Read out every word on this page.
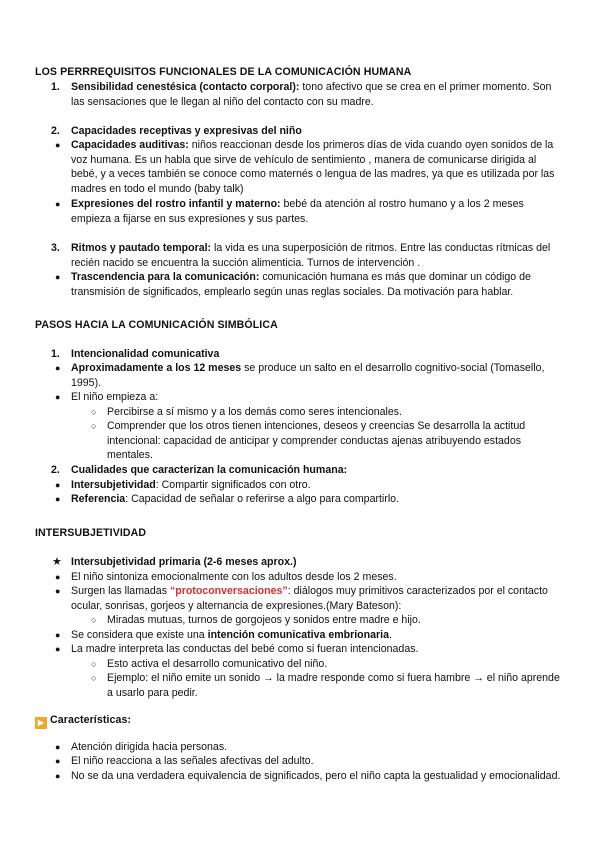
LOS PERRREQUISITOS FUNCIONALES DE LA COMUNICACIÓN HUMANA
1. Sensibilidad cenestésica (contacto corporal): tono afectivo que se crea en el primer momento. Son las sensaciones que le llegan al niño del contacto con su madre.
2. Capacidades receptivas y expresivas del niño
● Capacidades auditivas: niños reaccionan desde los primeros días de vida cuando oyen sonidos de la voz humana. Es un habla que sirve de vehículo de sentimiento , manera de comunicarse dirigida al bebé, y a veces también se conoce como maternés o lengua de las madres, ya que es utilizada por las madres en todo el mundo (baby talk)
● Expresiones del rostro infantil y materno: bebé da atención al rostro humano y a los 2 meses empieza a fijarse en sus expresiones y sus partes.
3. Ritmos y pautado temporal: la vida es una superposición de ritmos. Entre las conductas rítmicas del recién nacido se encuentra la succión alimenticia. Turnos de intervención .
● Trascendencia para la comunicación: comunicación humana es más que dominar un código de transmisión de significados, emplearlo según unas reglas sociales. Da motivación para hablar.
PASOS HACIA LA COMUNICACIÓN SIMBÓLICA
1. Intencionalidad comunicativa
● Aproximadamente a los 12 meses se produce un salto en el desarrollo cognitivo-social (Tomasello, 1995).
● El niño empieza a:
○ Percibirse a sí mismo y a los demás como seres intencionales.
○ Comprender que los otros tienen intenciones, deseos y creencias Se desarrolla la actitud intencional: capacidad de anticipar y comprender conductas ajenas atribuyendo estados mentales.
2. Cualidades que caracterizan la comunicación humana:
● Intersubjetividad: Compartir significados con otro.
● Referencia: Capacidad de señalar o referirse a algo para compartirlo.
INTERSUBJETIVIDAD
★ Intersubjetividad primaria (2-6 meses aprox.)
● El niño sintoniza emocionalmente con los adultos desde los 2 meses.
● Surgen las llamadas “protoconversaciones”: diálogos muy primitivos caracterizados por el contacto ocular, sonrisas, gorjeos y alternancia de expresiones.(Mary Bateson):
○ Miradas mutuas, turnos de gorgojeos y sonidos entre madre e hijo.
● Se considera que existe una intención comunicativa embrionaria.
● La madre interpreta las conductas del bebé como si fueran intencionadas.
○ Esto activa el desarrollo comunicativo del niño.
○ Ejemplo: el niño emite un sonido → la madre responde como si fuera hambre → el niño aprende a usarlo para pedir.
▶ Características:
● Atención dirigida hacia personas.
● El niño reacciona a las señales afectivas del adulto.
● No se da una verdadera equivalencia de significados, pero el niño capta la gestualidad y emocionalidad.
